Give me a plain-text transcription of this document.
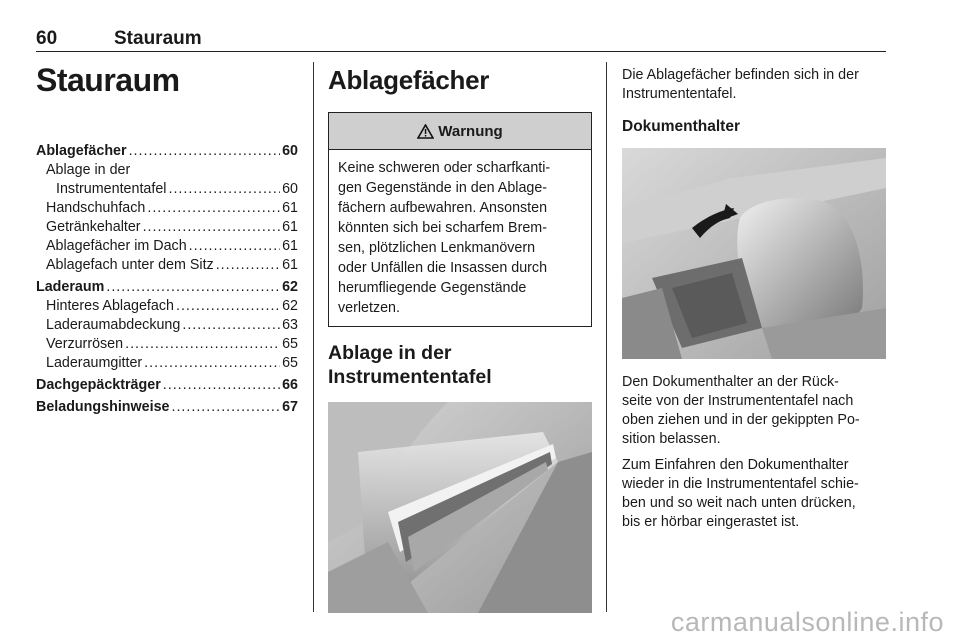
60	Stauraum
Stauraum
Ablagefächer .....	60
Ablage in der
Instrumententafel .....	60
Handschuhfach .....	61
Getränkehalter .....	61
Ablagefächer im Dach .....	61
Ablagefach unter dem Sitz .....	61
Laderaum .....	62
Hinteres Ablagefach .....	62
Laderaumabdeckung .....	63
Verzurrösen .....	65
Laderaumgitter .....	65
Dachgepäckträger .....	66
Beladungshinweise .....	67
Ablagefächer
Warnung
Keine schweren oder scharfkanti-
gen Gegenstände in den Ablage-
fächern aufbewahren. Ansonsten
könnten sich bei scharfem Brem-
sen, plötzlichen Lenkmanövern
oder Unfällen die Insassen durch
herumfliegende Gegenstände
verletzen.
Ablage in der
Instrumententafel
Die Ablagefächer befinden sich in der
Instrumententafel.
Dokumenthalter
Den Dokumenthalter an der Rück-
seite von der Instrumententafel nach
oben ziehen und in der gekippten Po-
sition belassen.
Zum Einfahren den Dokumenthalter
wieder in die Instrumententafel schie-
ben und so weit nach unten drücken,
bis er hörbar eingerastet ist.
carmanualsonline.info
